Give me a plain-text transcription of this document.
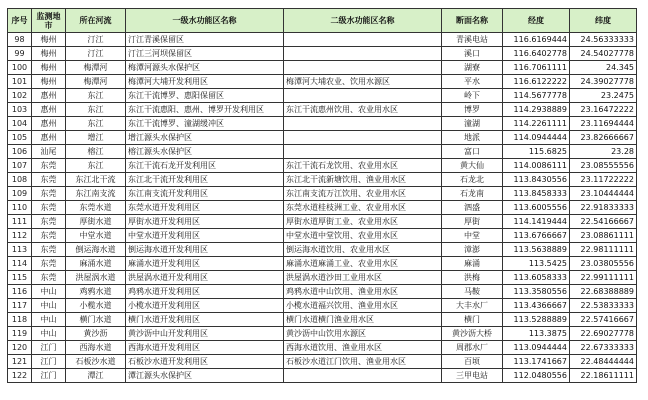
序号	监测地市	所在河流	一级水功能区名称	二级水功能区名称	断面名称	经度	纬度
98	梅州	汀江	汀江青溪保留区		青溪电站	116.6169444	24.56333333
99	梅州	汀江	汀江三河坝保留区		溪口	116.6402778	24.54027778
100	梅州	梅潭河	梅潭河源头水保护区		湖寮	116.7061111	24.345
101	梅州	梅潭河	梅潭河大埔开发利用区	梅潭河大埔农业、饮用水源区	平水	116.6122222	24.39027778
102	惠州	东江	东江干流博罗、惠阳保留区		岭下	114.5677778	23.2475
103	惠州	东江	东江干流惠阳、惠州、博罗开发利用区	东江干流惠州饮用、农业用水区	博罗	114.2938889	23.16472222
104	惠州	东江	东江干流博罗、潼湖缓冲区		潼湖	114.2261111	23.11694444
105	惠州	增江	增江源头水保护区		地派	114.0944444	23.82666667
106	汕尾	榕江	榕江源头水保护区		富口	115.6825	23.28
107	东莞	东江	东江干流石龙开发利用区	东江干流石龙饮用、农业用水区	黄大仙	114.0086111	23.08555556
108	东莞	东江北干流	东江北干流开发利用区	东江北干流新塘饮用、渔业用水区	石龙北	113.8430556	23.11722222
109	东莞	东江南支流	东江南支流开发利用区	东江南支流万江饮用、农业用水区	石龙南	113.8458333	23.10444444
110	东莞	东莞水道	东莞水道开发利用区	东莞水道桂枝洲工业、农业用水区	泗盛	113.6005556	22.91833333
111	东莞	厚街水道	厚街水道开发利用区	厚街水道厚街工业、农业用水区	厚街	114.1419444	22.54166667
112	东莞	中堂水道	中堂水道开发利用区	中堂水道中堂饮用、农业用水区	中堂	113.6766667	23.08861111
113	东莞	倒运海水道	倒运海水道开发利用区	倒运海水道饮用、农业用水区	漳澎	113.5638889	22.98111111
114	东莞	麻涌水道	麻涌水道开发利用区	麻涌水道麻涌工业、农业用水区	麻涌	113.5425	23.03805556
115	东莞	洪屋涡水道	洪屋涡水道开发利用区	洪屋涡水道沙田工业用水区	洪梅	113.6058333	22.99111111
116	中山	鸡鸦水道	鸡鸦水道开发利用区	鸡鸦水道中山饮用、渔业用水区	马鞍	113.3580556	22.68388889
117	中山	小榄水道	小榄水道开发利用区	小榄水道福兴饮用、渔业用水区	大丰水厂	113.4366667	22.53833333
118	中山	横门水道	横门水道开发利用区	横门水道横门渔业用水区	横门	113.5288889	22.57416667
119	中山	黄沙沥	黄沙沥中山开发利用区	黄沙沥中山饮用水源区	黄沙沥大桥	113.3875	22.69027778
120	江门	西海水道	西海水道开发利用区	西海水道饮用、渔业用水区	周郡水厂	113.0944444	22.67333333
121	江门	石板沙水道	石板沙水道开发利用区	石板沙水道江门饮用、渔业用水区	百顷	113.1741667	22.48444444
122	江门	潭江	潭江源头水保护区		三甲电站	112.0480556	22.18611111
